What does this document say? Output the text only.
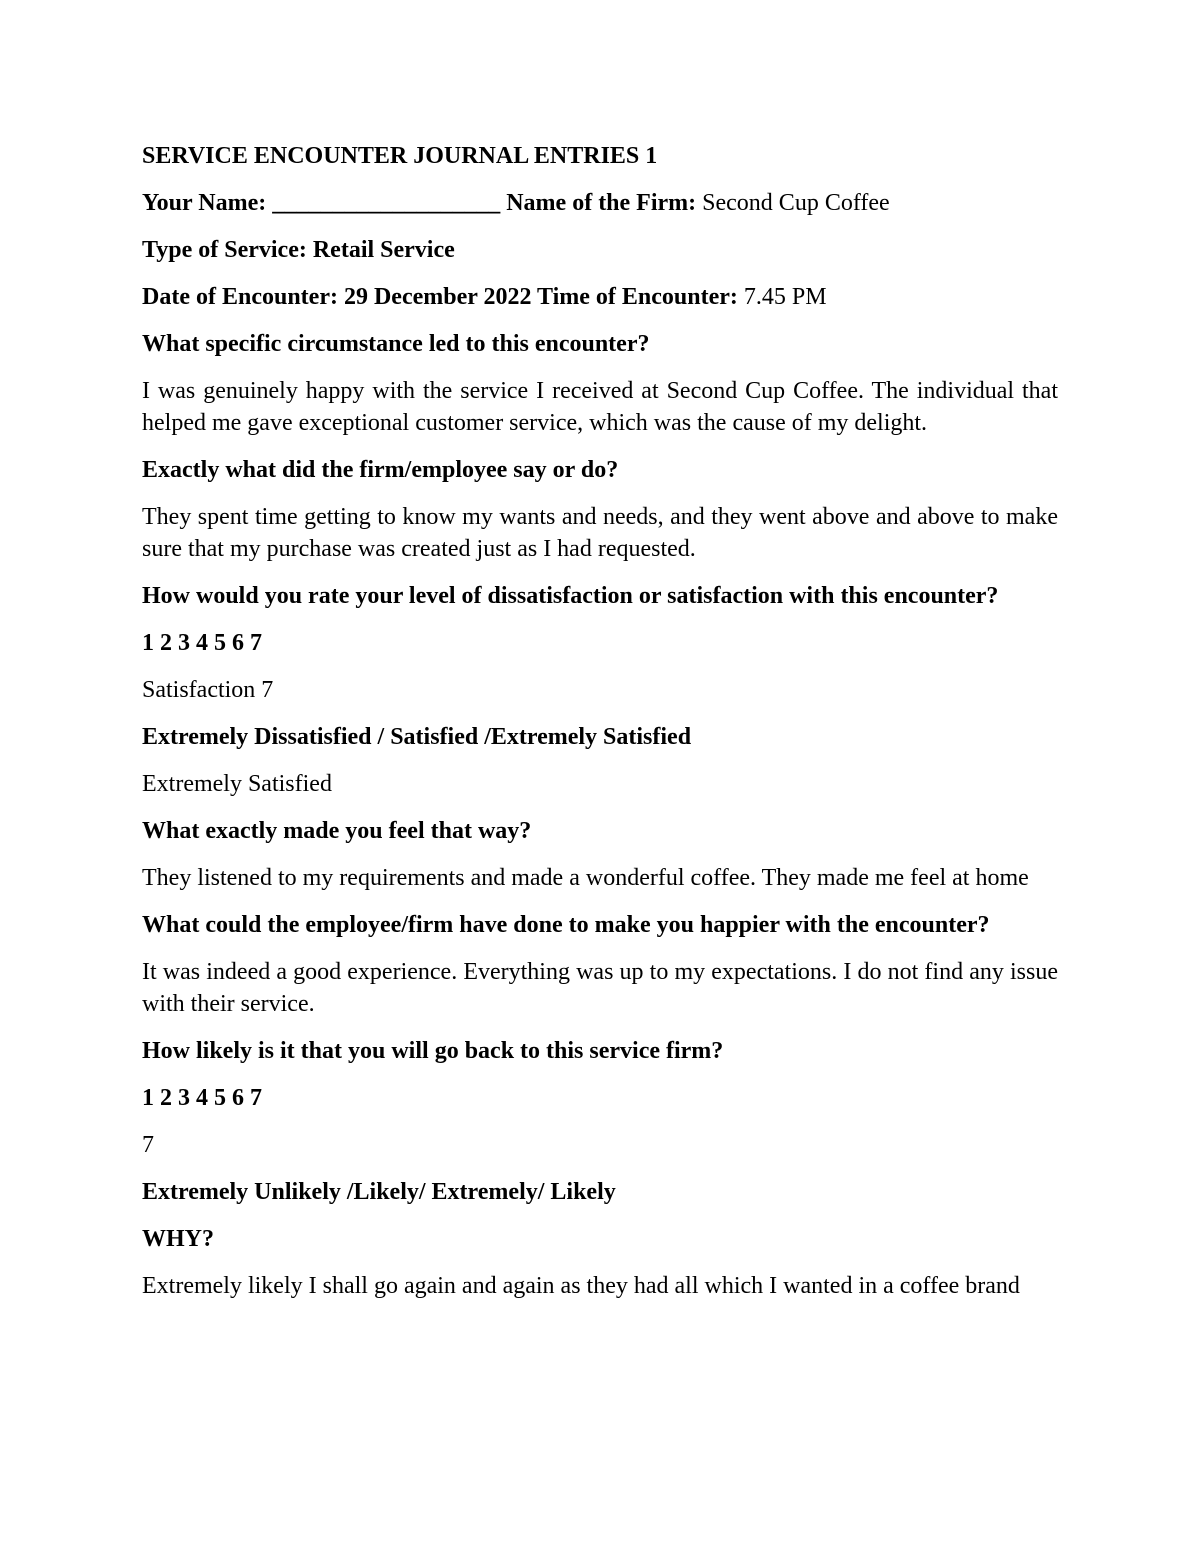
SERVICE ENCOUNTER JOURNAL ENTRIES 1
Your Name: ___________________ Name of the Firm: Second Cup Coffee
Type of Service: Retail Service
Date of Encounter: 29 December 2022 Time of Encounter: 7.45 PM
What specific circumstance led to this encounter?
I was genuinely happy with the service I received at Second Cup Coffee. The individual that helped me gave exceptional customer service, which was the cause of my delight.
Exactly what did the firm/employee say or do?
They spent time getting to know my wants and needs, and they went above and above to make sure that my purchase was created just as I had requested.
How would you rate your level of dissatisfaction or satisfaction with this encounter?
1 2 3 4 5 6 7
Satisfaction 7
Extremely Dissatisfied / Satisfied /Extremely Satisfied
Extremely Satisfied
What exactly made you feel that way?
They listened to my requirements and made a wonderful coffee. They made me feel at home
What could the employee/firm have done to make you happier with the encounter?
It was indeed a good experience. Everything was up to my expectations. I do not find any issue with their service.
How likely is it that you will go back to this service firm?
1 2 3 4 5 6 7
7
Extremely Unlikely /Likely/ Extremely/ Likely
WHY?
Extremely likely I shall go again and again as they had all which I wanted in a coffee brand
